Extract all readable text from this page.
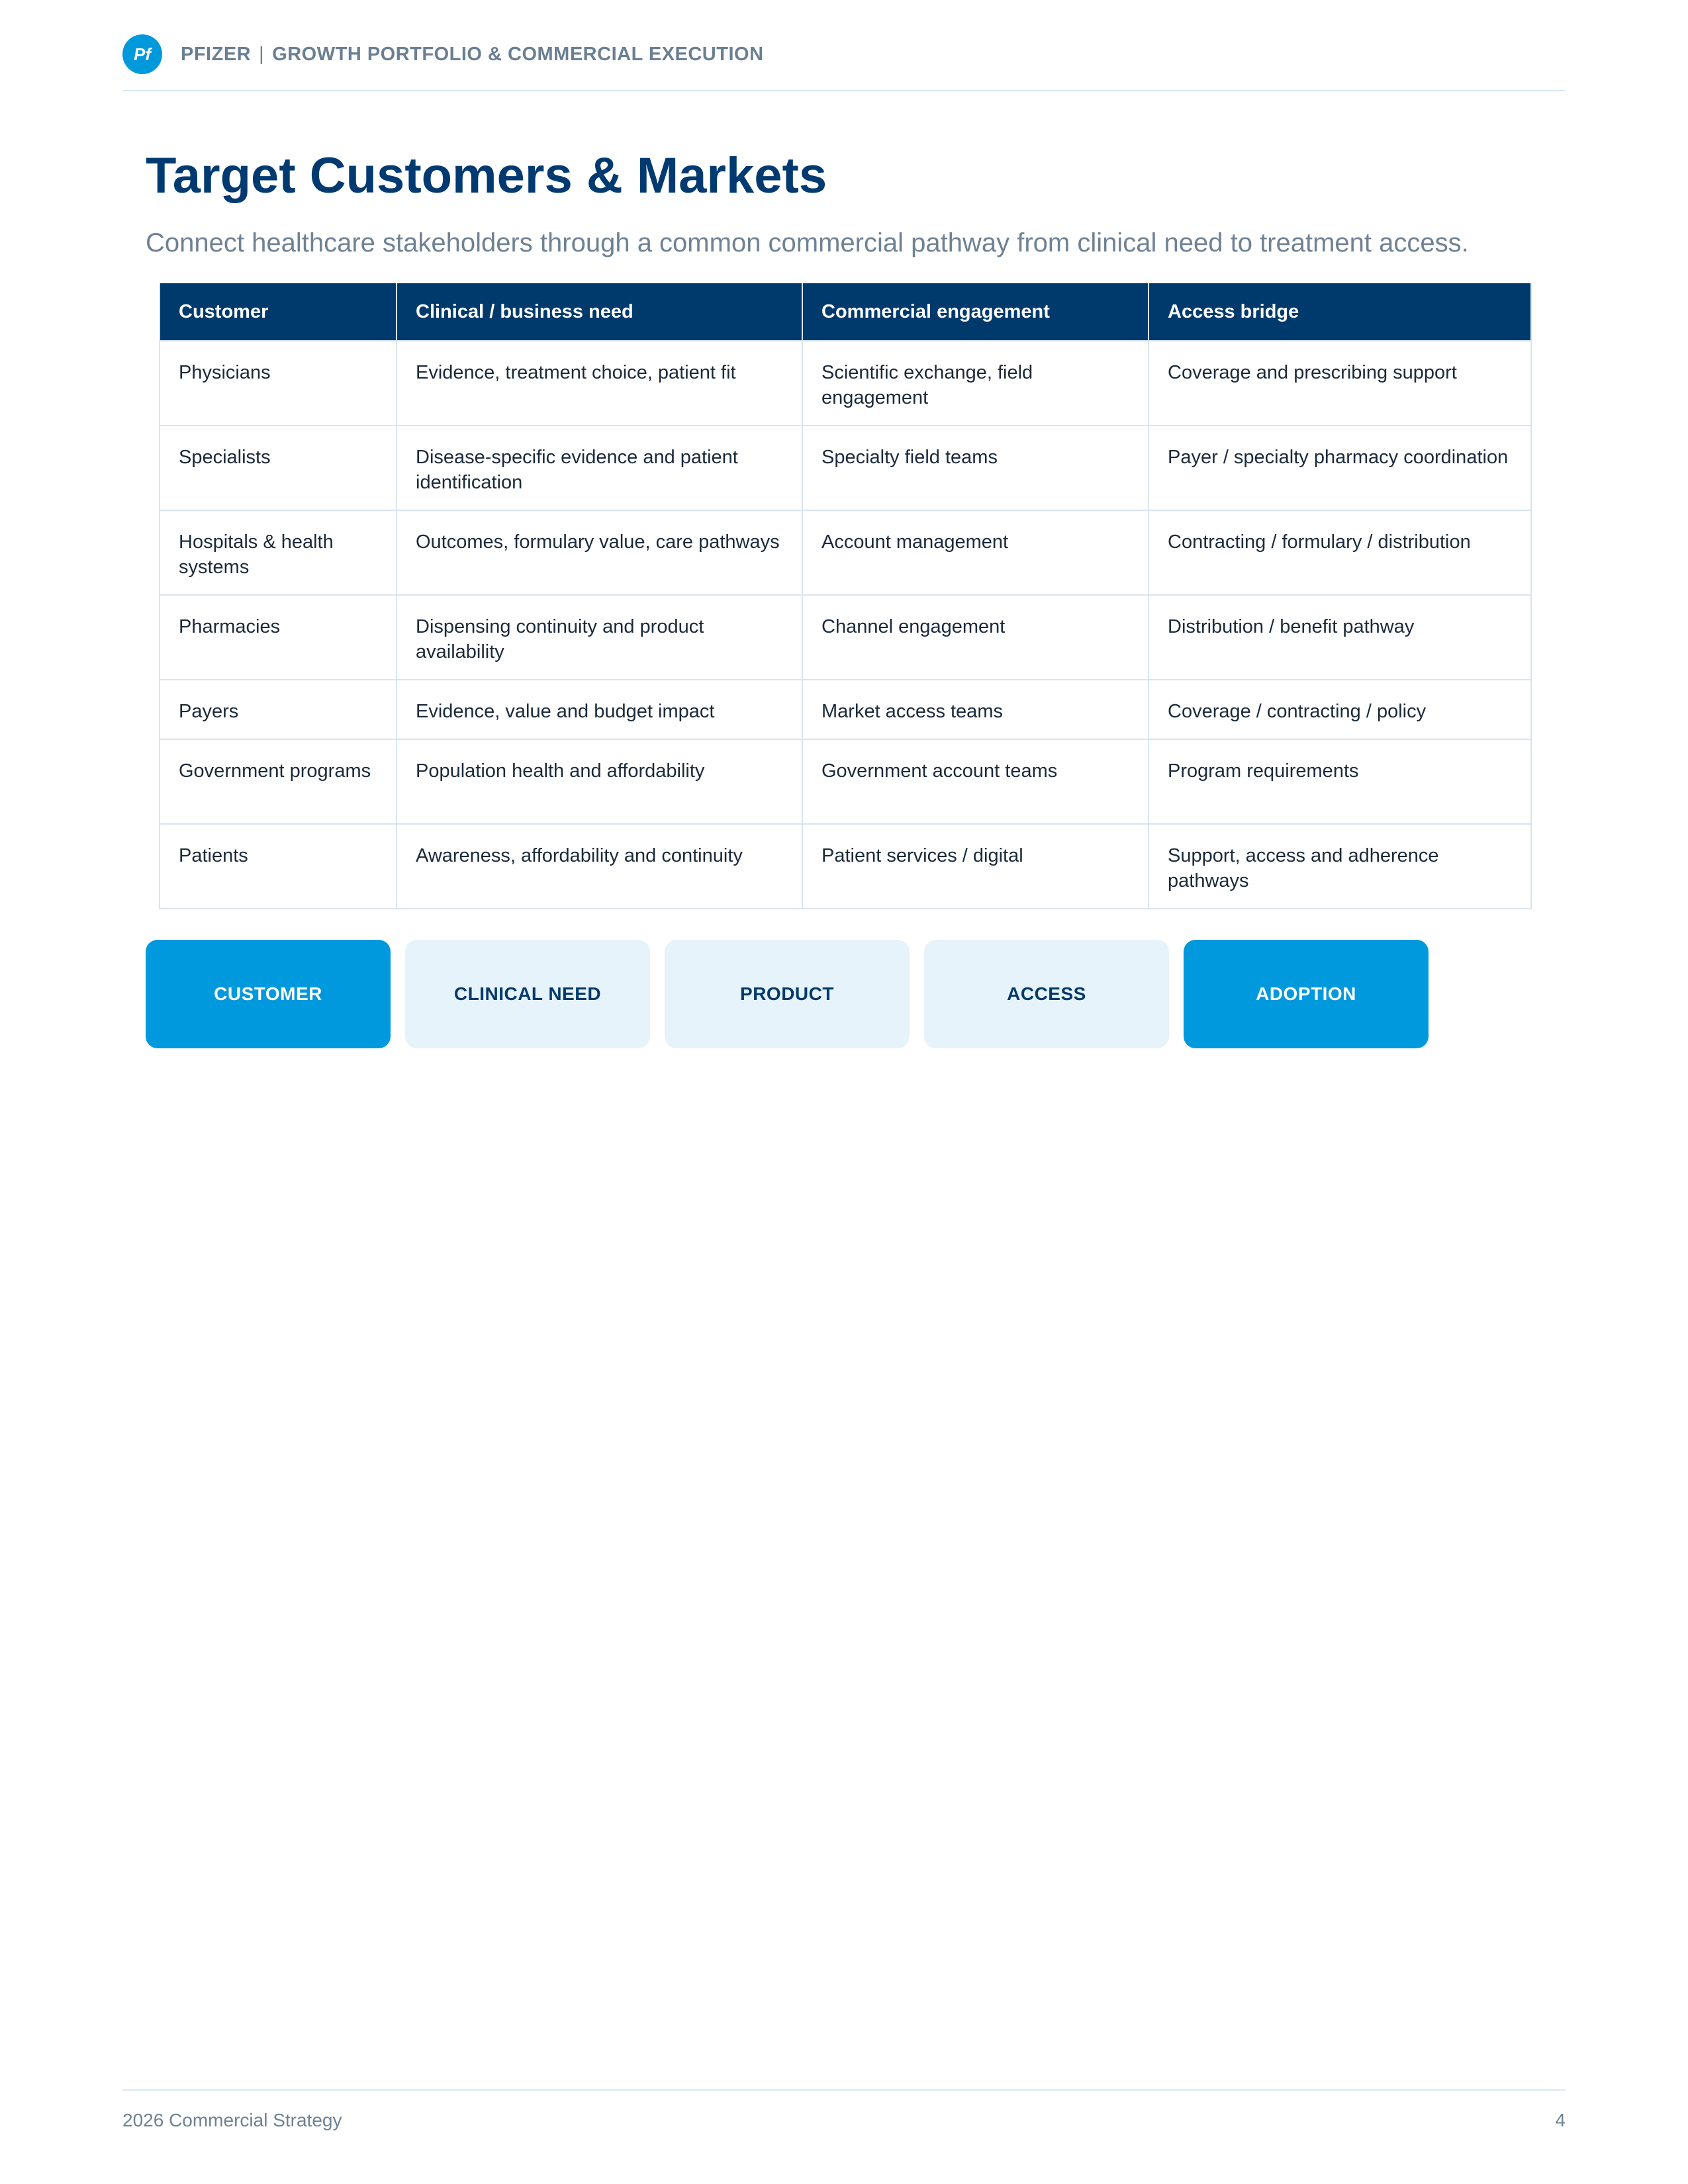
Pf	PFIZER | GROWTH PORTFOLIO & COMMERCIAL EXECUTION
Target Customers & Markets

Connect healthcare stakeholders through a common commercial pathway from clinical need to treatment access.

Customer	Clinical / business need	Commercial engagement	Access bridge
Physicians	Evidence, treatment choice, patient fit	Scientific exchange, field engagement	Coverage and prescribing support
Specialists	Disease-specific evidence and patient identification	Specialty field teams	Payer / specialty pharmacy coordination
Hospitals & health systems	Outcomes, formulary value, care pathways	Account management	Contracting / formulary / distribution
Pharmacies	Dispensing continuity and product availability	Channel engagement	Distribution / benefit pathway
Payers	Evidence, value and budget impact	Market access teams	Coverage / contracting / policy
Government programs	Population health and affordability	Government account teams	Program requirements
Patients	Awareness, affordability and continuity	Patient services / digital	Support, access and adherence pathways
CUSTOMER	CLINICAL NEED	PRODUCT	ACCESS	ADOPTION
2026 Commercial Strategy	4
